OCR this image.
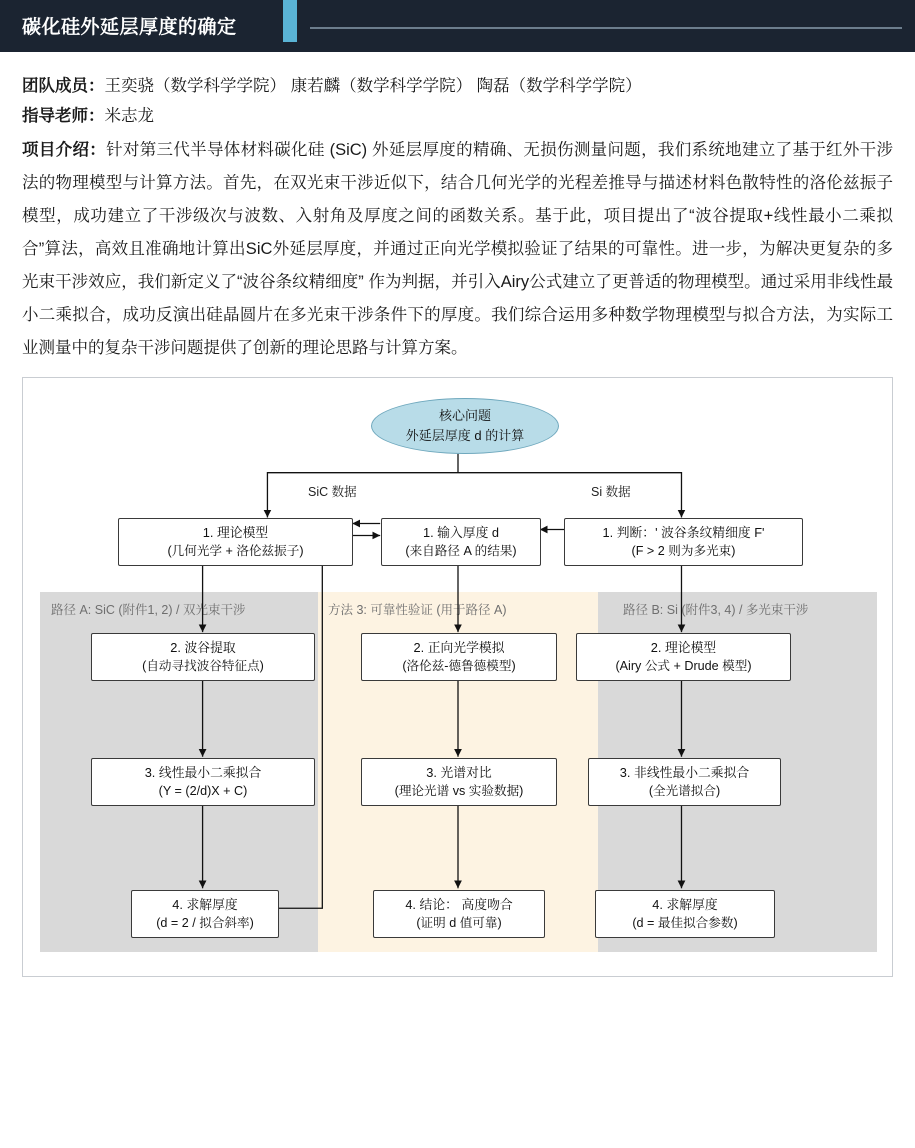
碳化硅外延层厚度的确定
团队成员：王奕骁（数学科学学院） 康若麟（数学科学学院） 陶磊（数学科学学院）
指导老师：米志龙
项目介绍：针对第三代半导体材料碳化硅 (SiC) 外延层厚度的精确、无损伤测量问题，我们系统地建立了基于红外干涉法的物理模型与计算方法。首先，在双光束干涉近似下，结合几何光学的光程差推导与描述材料色散特性的洛伦兹振子模型，成功建立了干涉级次与波数、入射角及厚度之间的函数关系。基于此，项目提出了“波谷提取+线性最小二乘拟合”算法，高效且准确地计算出SiC外延层厚度，并通过正向光学模拟验证了结果的可靠性。进一步，为解决更复杂的多光束干涉效应，我们新定义了“波谷条纹精细度” 作为判据，并引入Airy公式建立了更普适的物理模型。通过采用非线性最小二乘拟合，成功反演出硅晶圆片在多光束干涉条件下的厚度。我们综合运用多种数学物理模型与拟合方法，为实际工业测量中的复杂干涉问题提供了创新的理论思路与计算方案。
路径 A: SiC (附件1, 2) / 双光束干涉	方法 3: 可靠性验证 (用于路径 A)	路径 B: Si (附件3, 4) / 多光束干涉
核心问题
外延层厚度 d 的计算
SiC 数据	Si 数据
1. 理论模型
(几何光学 + 洛伦兹振子)
1. 输入厚度 d
(来自路径 A 的结果)
1. 判断：' 波谷条纹精细度 F'
(F > 2 则为多光束)
2. 波谷提取
(自动寻找波谷特征点)
2. 正向光学模拟
(洛伦兹-德鲁德模型)
2. 理论模型
(Airy 公式 + Drude 模型)
3. 线性最小二乘拟合
(Y = (2/d)X + C)
3. 光谱对比
(理论光谱 vs 实验数据)
3. 非线性最小二乘拟合
(全光谱拟合)
4. 求解厚度
(d = 2 / 拟合斜率)
4. 结论： 高度吻合
(证明 d 值可靠)
4. 求解厚度
(d = 最佳拟合参数)
